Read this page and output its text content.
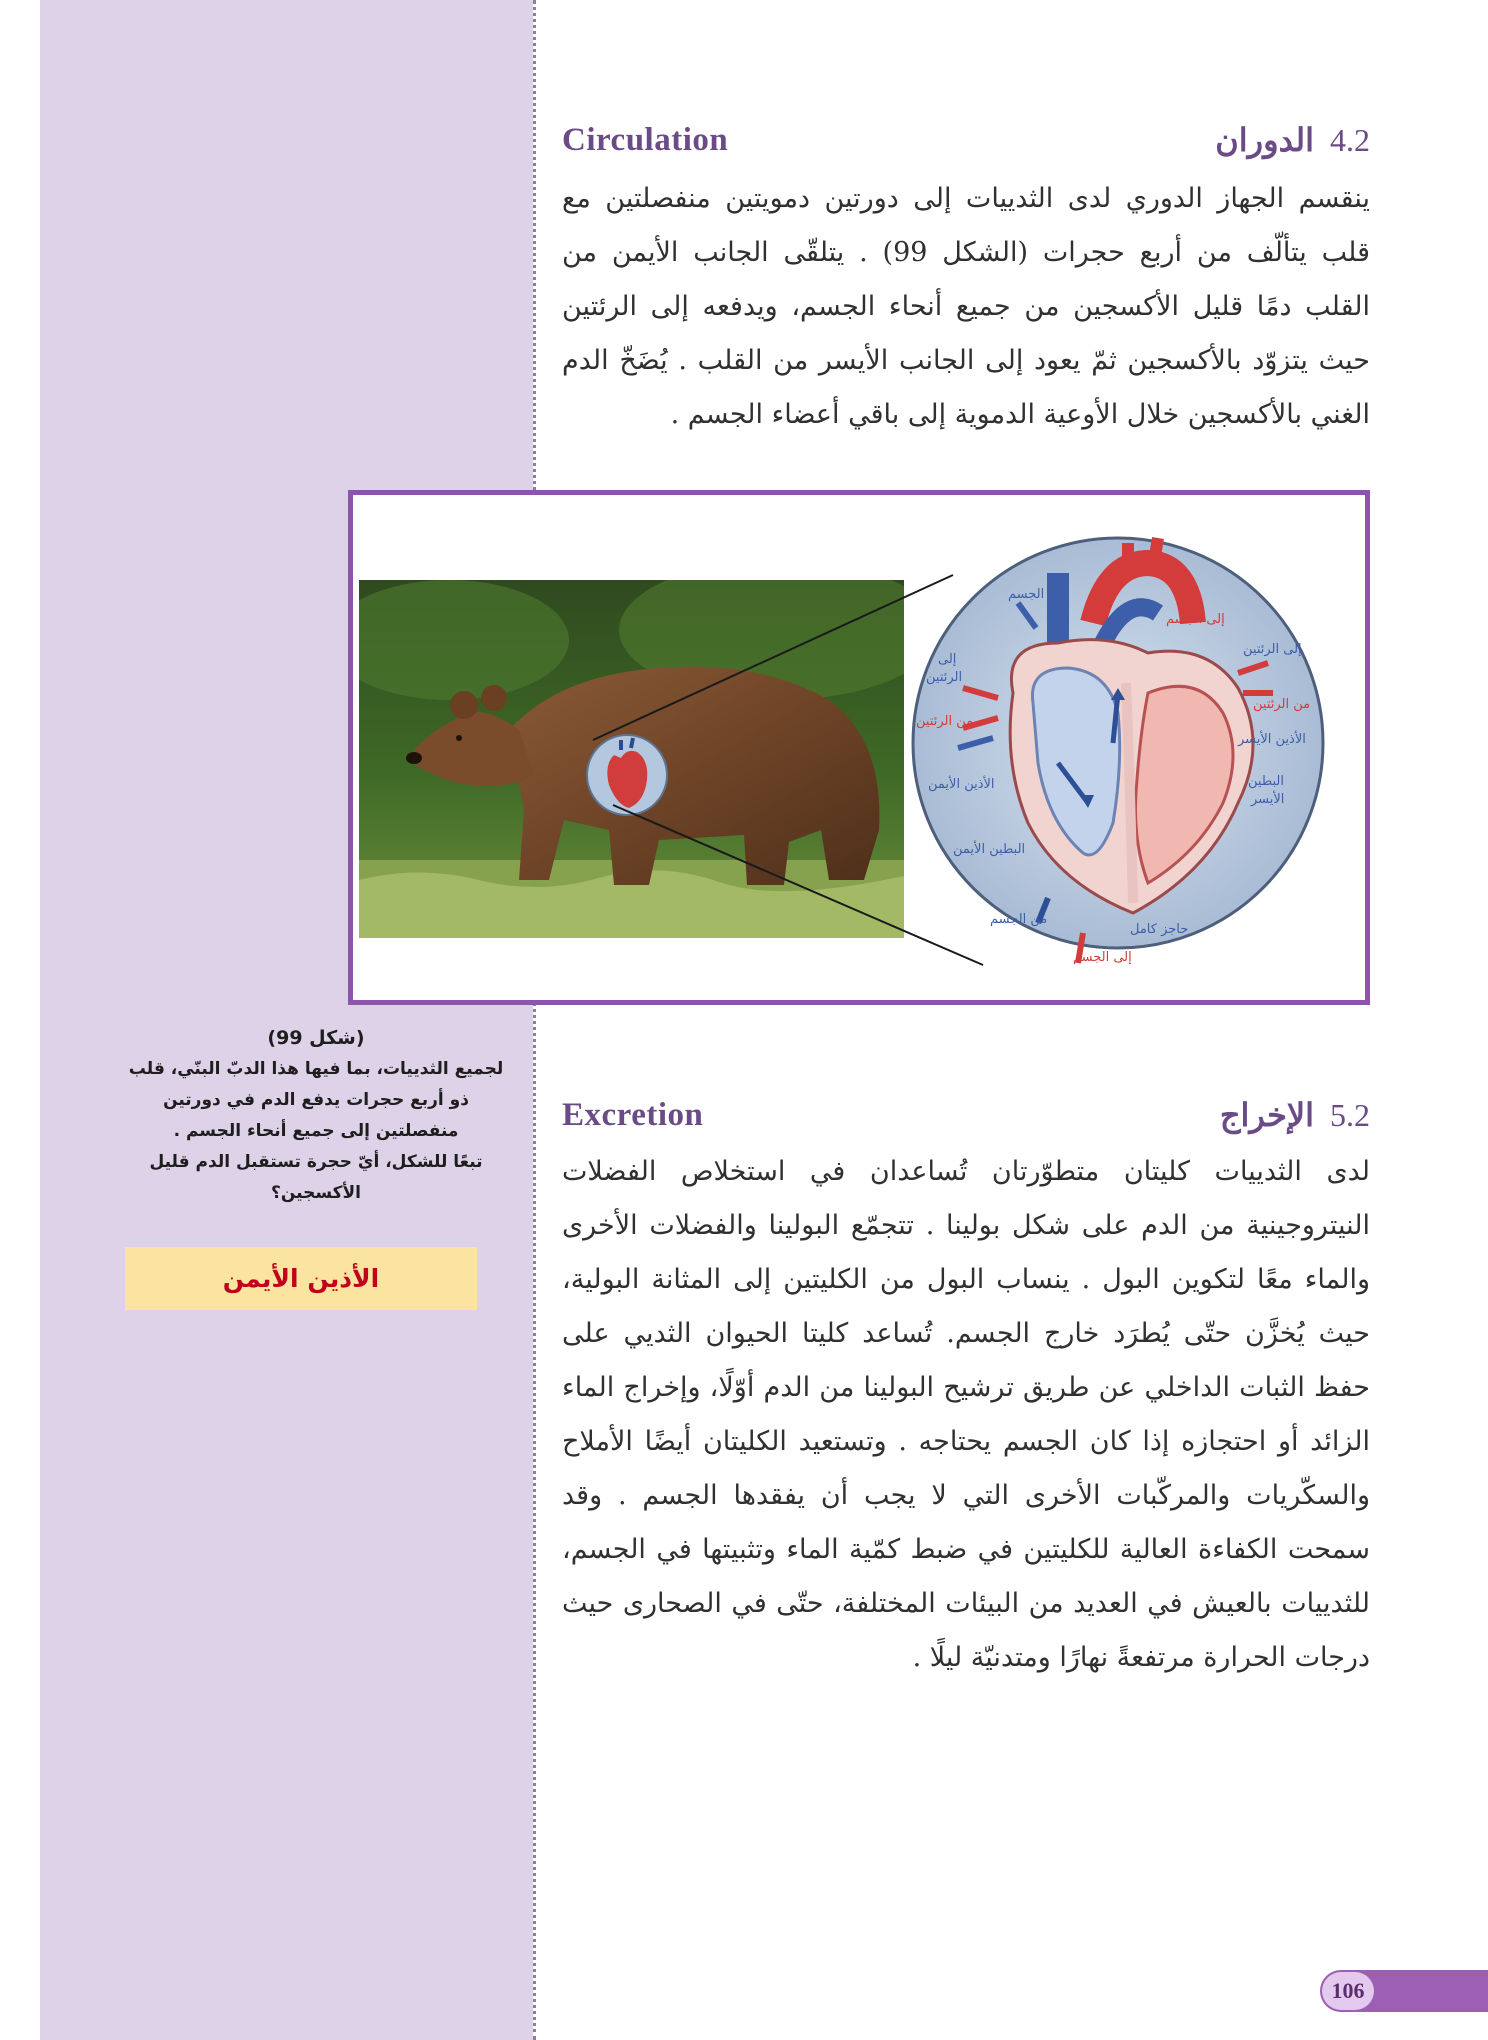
Circulation	4.2 الدوران
ينقسم الجهاز الدوري لدى الثدييات إلى دورتين دمويتين منفصلتين مع قلب يتألّف من أربع حجرات (الشكل 99) . يتلقّى الجانب الأيمن من القلب دمًا قليل الأكسجين من جميع أنحاء الجسم، ويدفعه إلى الرئتين حيث يتزوّد بالأكسجين ثمّ يعود إلى الجانب الأيسر من القلب . يُضَخّ الدم الغني بالأكسجين خلال الأوعية الدموية إلى باقي أعضاء الجسم .
من الجسم
إلى الجسم
إلى الرئتين
من الرئتين
الأذين الأيسر
البطين
الأيسر
إلى
الرئتين
من الرئتين
الأذين الأيمن
البطين الأيمن
من الجسم
حاجز كامل
إلى الجسم
(شكل 99)
لجميع الثدييات، بما فيها هذا الدبّ البنّي، قلب ذو أربع حجرات يدفع الدم في دورتين منفصلتين إلى جميع أنحاء الجسم .
تبعًا للشكل، أيّ حجرة تستقبل الدم قليل الأكسجين؟
الأذين الأيمن
Excretion	5.2 الإخراج
لدى الثدييات كليتان متطوّرتان تُساعدان في استخلاص الفضلات النيتروجينية من الدم على شكل بولينا . تتجمّع البولينا والفضلات الأخرى والماء معًا لتكوين البول . ينساب البول من الكليتين إلى المثانة البولية، حيث يُخزَّن حتّى يُطرَد خارج الجسم. تُساعد كليتا الحيوان الثديي على حفظ الثبات الداخلي عن طريق ترشيح البولينا من الدم أوّلًا، وإخراج الماء الزائد أو احتجازه إذا كان الجسم يحتاجه . وتستعيد الكليتان أيضًا الأملاح والسكّريات والمركّبات الأخرى التي لا يجب أن يفقدها الجسم . وقد سمحت الكفاءة العالية للكليتين في ضبط كمّية الماء وتثبيتها في الجسم، للثدييات بالعيش في العديد من البيئات المختلفة، حتّى في الصحارى حيث درجات الحرارة مرتفعةً نهارًا ومتدنيّة ليلًا .
106
